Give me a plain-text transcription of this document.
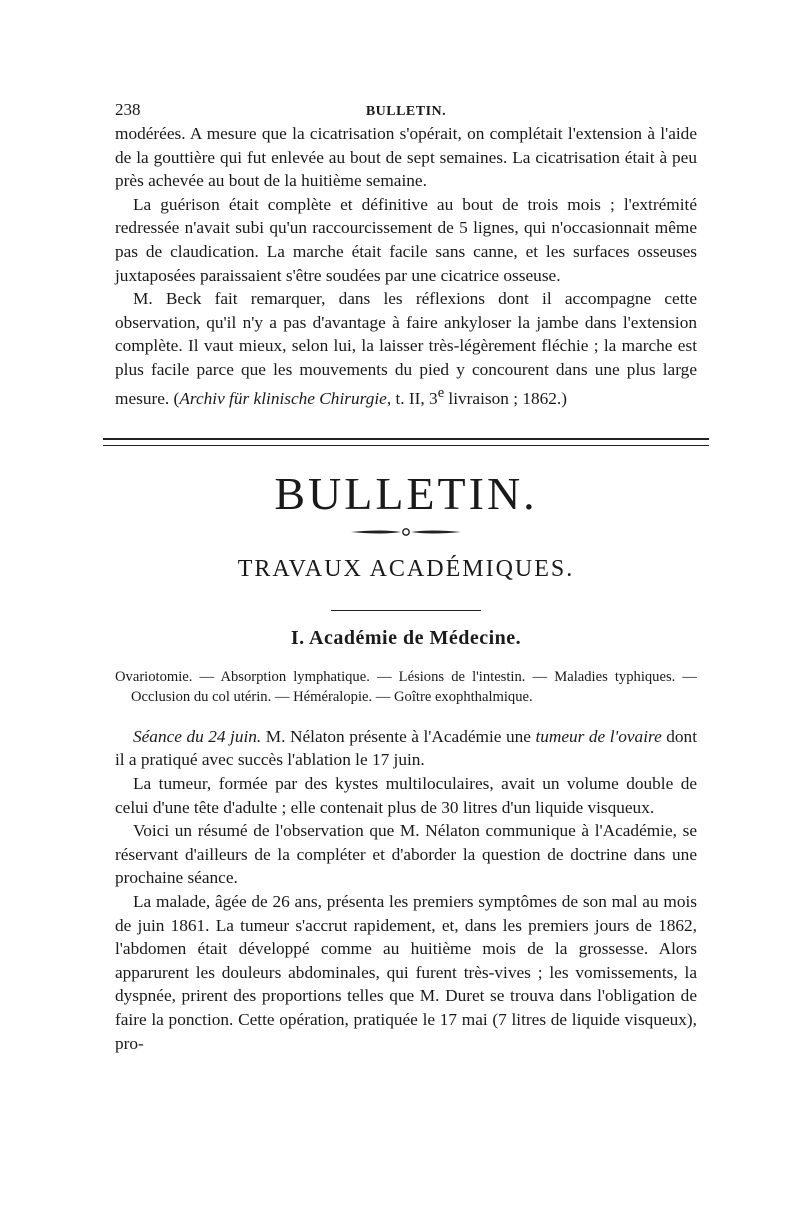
238	BULLETIN.

modérées. A mesure que la cicatrisation s'opérait, on complétait l'extension à l'aide de la gouttière qui fut enlevée au bout de sept semaines. La cicatrisation était à peu près achevée au bout de la huitième semaine.

La guérison était complète et définitive au bout de trois mois ; l'extrémité redressée n'avait subi qu'un raccourcissement de 5 lignes, qui n'occasionnait même pas de claudication. La marche était facile sans canne, et les surfaces osseuses juxtaposées paraissaient s'être soudées par une cicatrice osseuse.

M. Beck fait remarquer, dans les réflexions dont il accompagne cette observation, qu'il n'y a pas d'avantage à faire ankyloser la jambe dans l'extension complète. Il vaut mieux, selon lui, la laisser très-légèrement fléchie ; la marche est plus facile parce que les mouvements du pied y concourent dans une plus large mesure. (Archiv für klinische Chirurgie, t. II, 3e livraison ; 1862.)

BULLETIN.
TRAVAUX ACADÉMIQUES.
I. Académie de Médecine.

Ovariotomie. — Absorption lymphatique. — Lésions de l'intestin. — Maladies typhiques. — Occlusion du col utérin. — Héméralopie. — Goître exophthalmique.

Séance du 24 juin. M. Nélaton présente à l'Académie une tumeur de l'ovaire dont il a pratiqué avec succès l'ablation le 17 juin.

La tumeur, formée par des kystes multiloculaires, avait un volume double de celui d'une tête d'adulte ; elle contenait plus de 30 litres d'un liquide visqueux.

Voici un résumé de l'observation que M. Nélaton communique à l'Académie, se réservant d'ailleurs de la compléter et d'aborder la question de doctrine dans une prochaine séance.

La malade, âgée de 26 ans, présenta les premiers symptômes de son mal au mois de juin 1861. La tumeur s'accrut rapidement, et, dans les premiers jours de 1862, l'abdomen était développé comme au huitième mois de la grossesse. Alors apparurent les douleurs abdominales, qui furent très-vives ; les vomissements, la dyspnée, prirent des proportions telles que M. Duret se trouva dans l'obligation de faire la ponction. Cette opération, pratiquée le 17 mai (7 litres de liquide visqueux), pro-
